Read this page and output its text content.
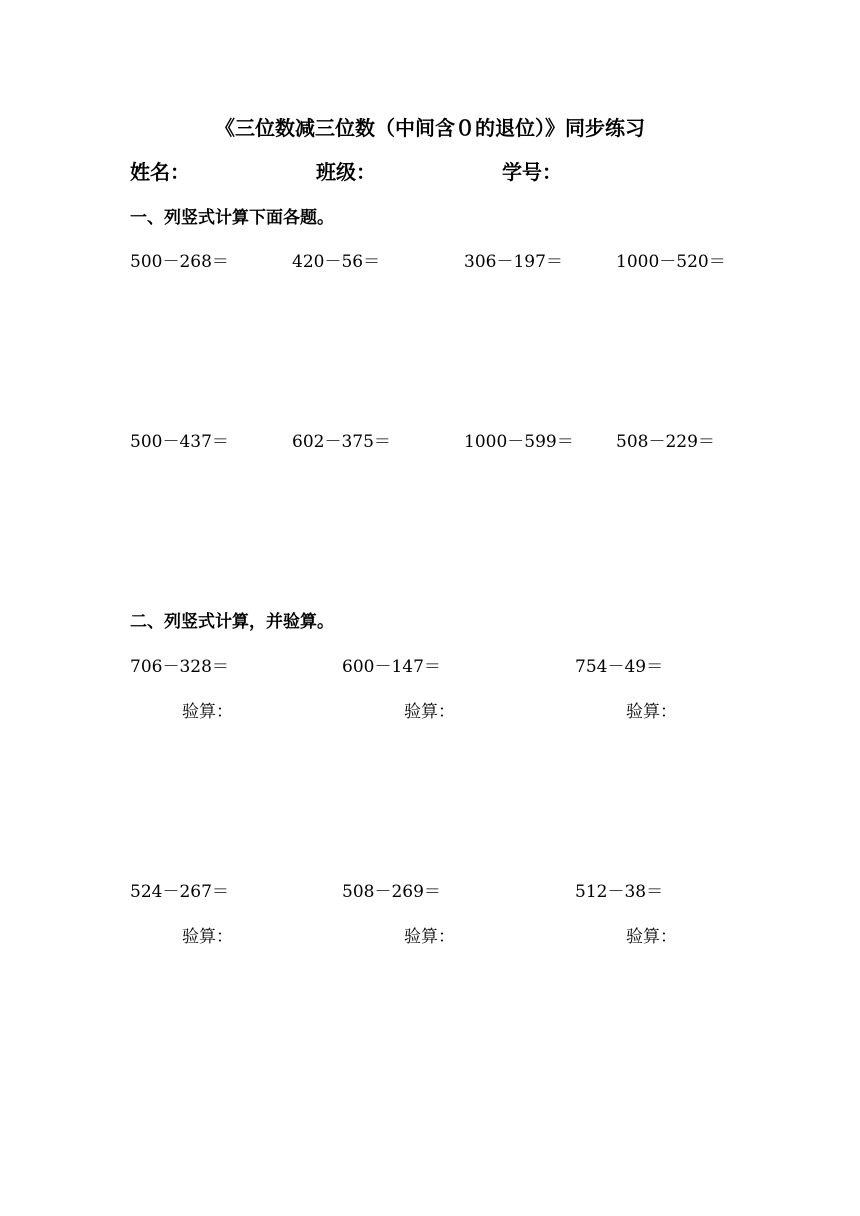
《三位数减三位数（中间含０的退位）》同步练习
姓名：	班级：	学号：
一、列竖式计算下面各题。
500－268＝	420－56＝	306－197＝	1000－520＝
500－437＝	602－375＝	1000－599＝ 508－229＝
二、列竖式计算，并验算。
706－328＝	600－147＝	754－49＝
验算：	验算：	验算：
524－267＝	508－269＝	512－38＝
验算：	验算：	验算：
